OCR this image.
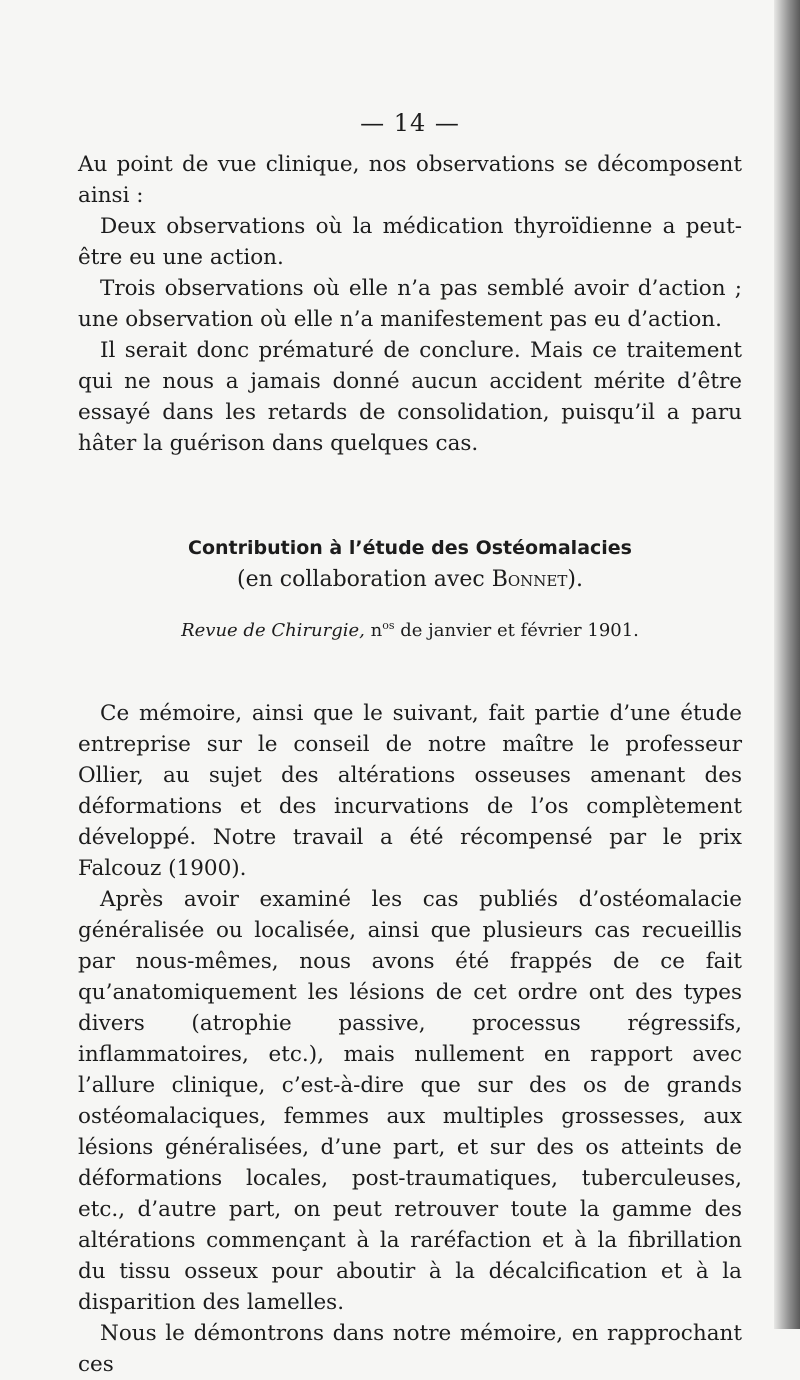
— 14 —

Au point de vue clinique, nos observations se décomposent ainsi :

Deux observations où la médication thyroïdienne a peut-être eu une action.

Trois observations où elle n’a pas semblé avoir d’action ; une observation où elle n’a manifestement pas eu d’action.

Il serait donc prématuré de conclure. Mais ce traitement qui ne nous a jamais donné aucun accident mérite d’être essayé dans les retards de consolidation, puisqu’il a paru hâter la guérison dans quelques cas.

Contribution à l’étude des Ostéomalacies
(en collaboration avec Bonnet).
Revue de Chirurgie, $n^{os}$ de janvier et février 1901.

Ce mémoire, ainsi que le suivant, fait partie d’une étude entreprise sur le conseil de notre maître le professeur Ollier, au sujet des altérations osseuses amenant des déformations et des incurvations de l’os complètement développé. Notre travail a été récompensé par le prix Falcouz (1900).

Après avoir examiné les cas publiés d’ostéomalacie généralisée ou localisée, ainsi que plusieurs cas recueillis par nous-mêmes, nous avons été frappés de ce fait qu’anatomiquement les lésions de cet ordre ont des types divers (atrophie passive, processus régressifs, inflammatoires, etc.), mais nullement en rapport avec l’allure clinique, c’est-à-dire que sur des os de grands ostéomalaciques, femmes aux multiples grossesses, aux lésions généralisées, d’une part, et sur des os atteints de déformations locales, post-traumatiques, tuberculeuses, etc., d’autre part, on peut retrouver toute la gamme des altérations commençant à la raréfaction et à la fibrillation du tissu osseux pour aboutir à la décalcification et à la disparition des lamelles.

Nous le démontrons dans notre mémoire, en rapprochant ces
